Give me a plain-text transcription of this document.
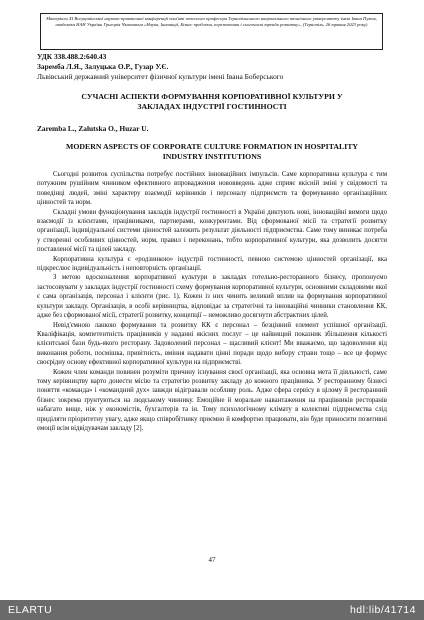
Матеріали XI Всеукраїнської науково-практичної конференції пам'яті почесного професора Тернопільського національного технічного університету імені Івана Пулюя, академіка НАН України Григорія Чмиховича «Наука, Інновації, Бізнес проблеми, перспективи і сьогочасні тренди розвитку», (Тернопіль, 26 травня 2023 року)
УДК 338.488.2:640.43
Заремба Л.Я., Залуцька О.Р., Гузар У.Є.
Львівський державний університет фізичної культури імені Івана Боберського
СУЧАСНІ АСПЕКТИ ФОРМУВАННЯ КОРПОРАТИВНОЇ КУЛЬТУРИ У ЗАКЛАДАХ ІНДУСТРІЇ ГОСТИННОСТІ
Zaremba L., Zalutska O., Huzar U.
MODERN ASPECTS OF CORPORATE CULTURE FORMATION IN HOSPITALITY INDUSTRY INSTITUTIONS

Сьогодні розвиток суспільства потребує постійних інноваційних імпульсів. Саме корпоративна культура є тим потужним рушійним чинником ефективного впровадження нововведень адже сприяє якісній зміні у свідомості та поведінці людей, зміні характеру взаємодії керівників і персоналу підприємств та формуванню організаційних цінностей та норм.

Складні умови функціонування закладів індустрії гостинності в Україні диктують нові, інноваційні вимоги щодо взаємодії із клієнтами, працівниками, партнерами, конкурентами. Від сформованої місії та стратегії розвитку організації, індивідуальної системи цінностей залежить результат діяльності підприємства. Саме тому виникає потреба у створенні особливих цінностей, норм, правил і переконань, тобто корпоративної культури, яка дозволить досягти поставленої місії та цілей закладу.

Корпоративна культура є «родзинкою» індустрії гостинності, певною системою цінностей організації, яка підкреслює індивідуальність і неповторність організації.

З метою вдосконалення корпоративної культури в закладах готельно-ресторанного бізнесу, пропонуємо застосовувати у закладах індустрії гостинності схему формування корпоративної культури, основними складовими якої є сама організація, персонал і клієнти (рис. 1). Кожен із них чинить великий вплив на формування корпоративної культури закладу. Організація, в особі керівництва, відповідає за стратегічні та інноваційні чинники становлення КК, адже без сформованої місії, стратегії розвитку, концепції – неможливо досягнути абстрактних цілей.

Невід'ємною ланкою формування та розвитку КК є персонал – безцінний елемент успішної організації. Кваліфікація, компетентність працівників у наданні якісних послуг – це найвищий показник збільшення кількості клієнтської бази будь-якого ресторану. Задоволений персонал – щасливий клієнт! Ми вважаємо, що задоволення від виконання роботи, посмішка, привітність, вміння надавати цінні поради щодо вибору страви тощо – все це формує своєрідну основу ефективної корпоративної культури на підприємстві.

Кожен член команди повинен розуміти причину існування своєї організації, яка основна мета її діяльності, саме тому керівництву варто донести місію та стратегію розвитку закладу до кожного працівника. У ресторанному бізнесі поняття «команда» і «командний дух» завжди відігравали особливу роль. Адже сфера сервісу в цілому й ресторанний бізнес зокрема ґрунтуються на людському чиннику. Емоційне й моральне навантаження на працівників ресторанів набагато вище, ніж у економістів, бухгалтерів та ін. Тому психологічному клімату в колективі підприємства слід приділяти пріоритетну увагу, адже якщо співробітнику приємно й комфортно працювати, він буде приносити позитивні емоції всім відвідувачам закладу [2].

47
ELARTU	hdl:lib/41714
